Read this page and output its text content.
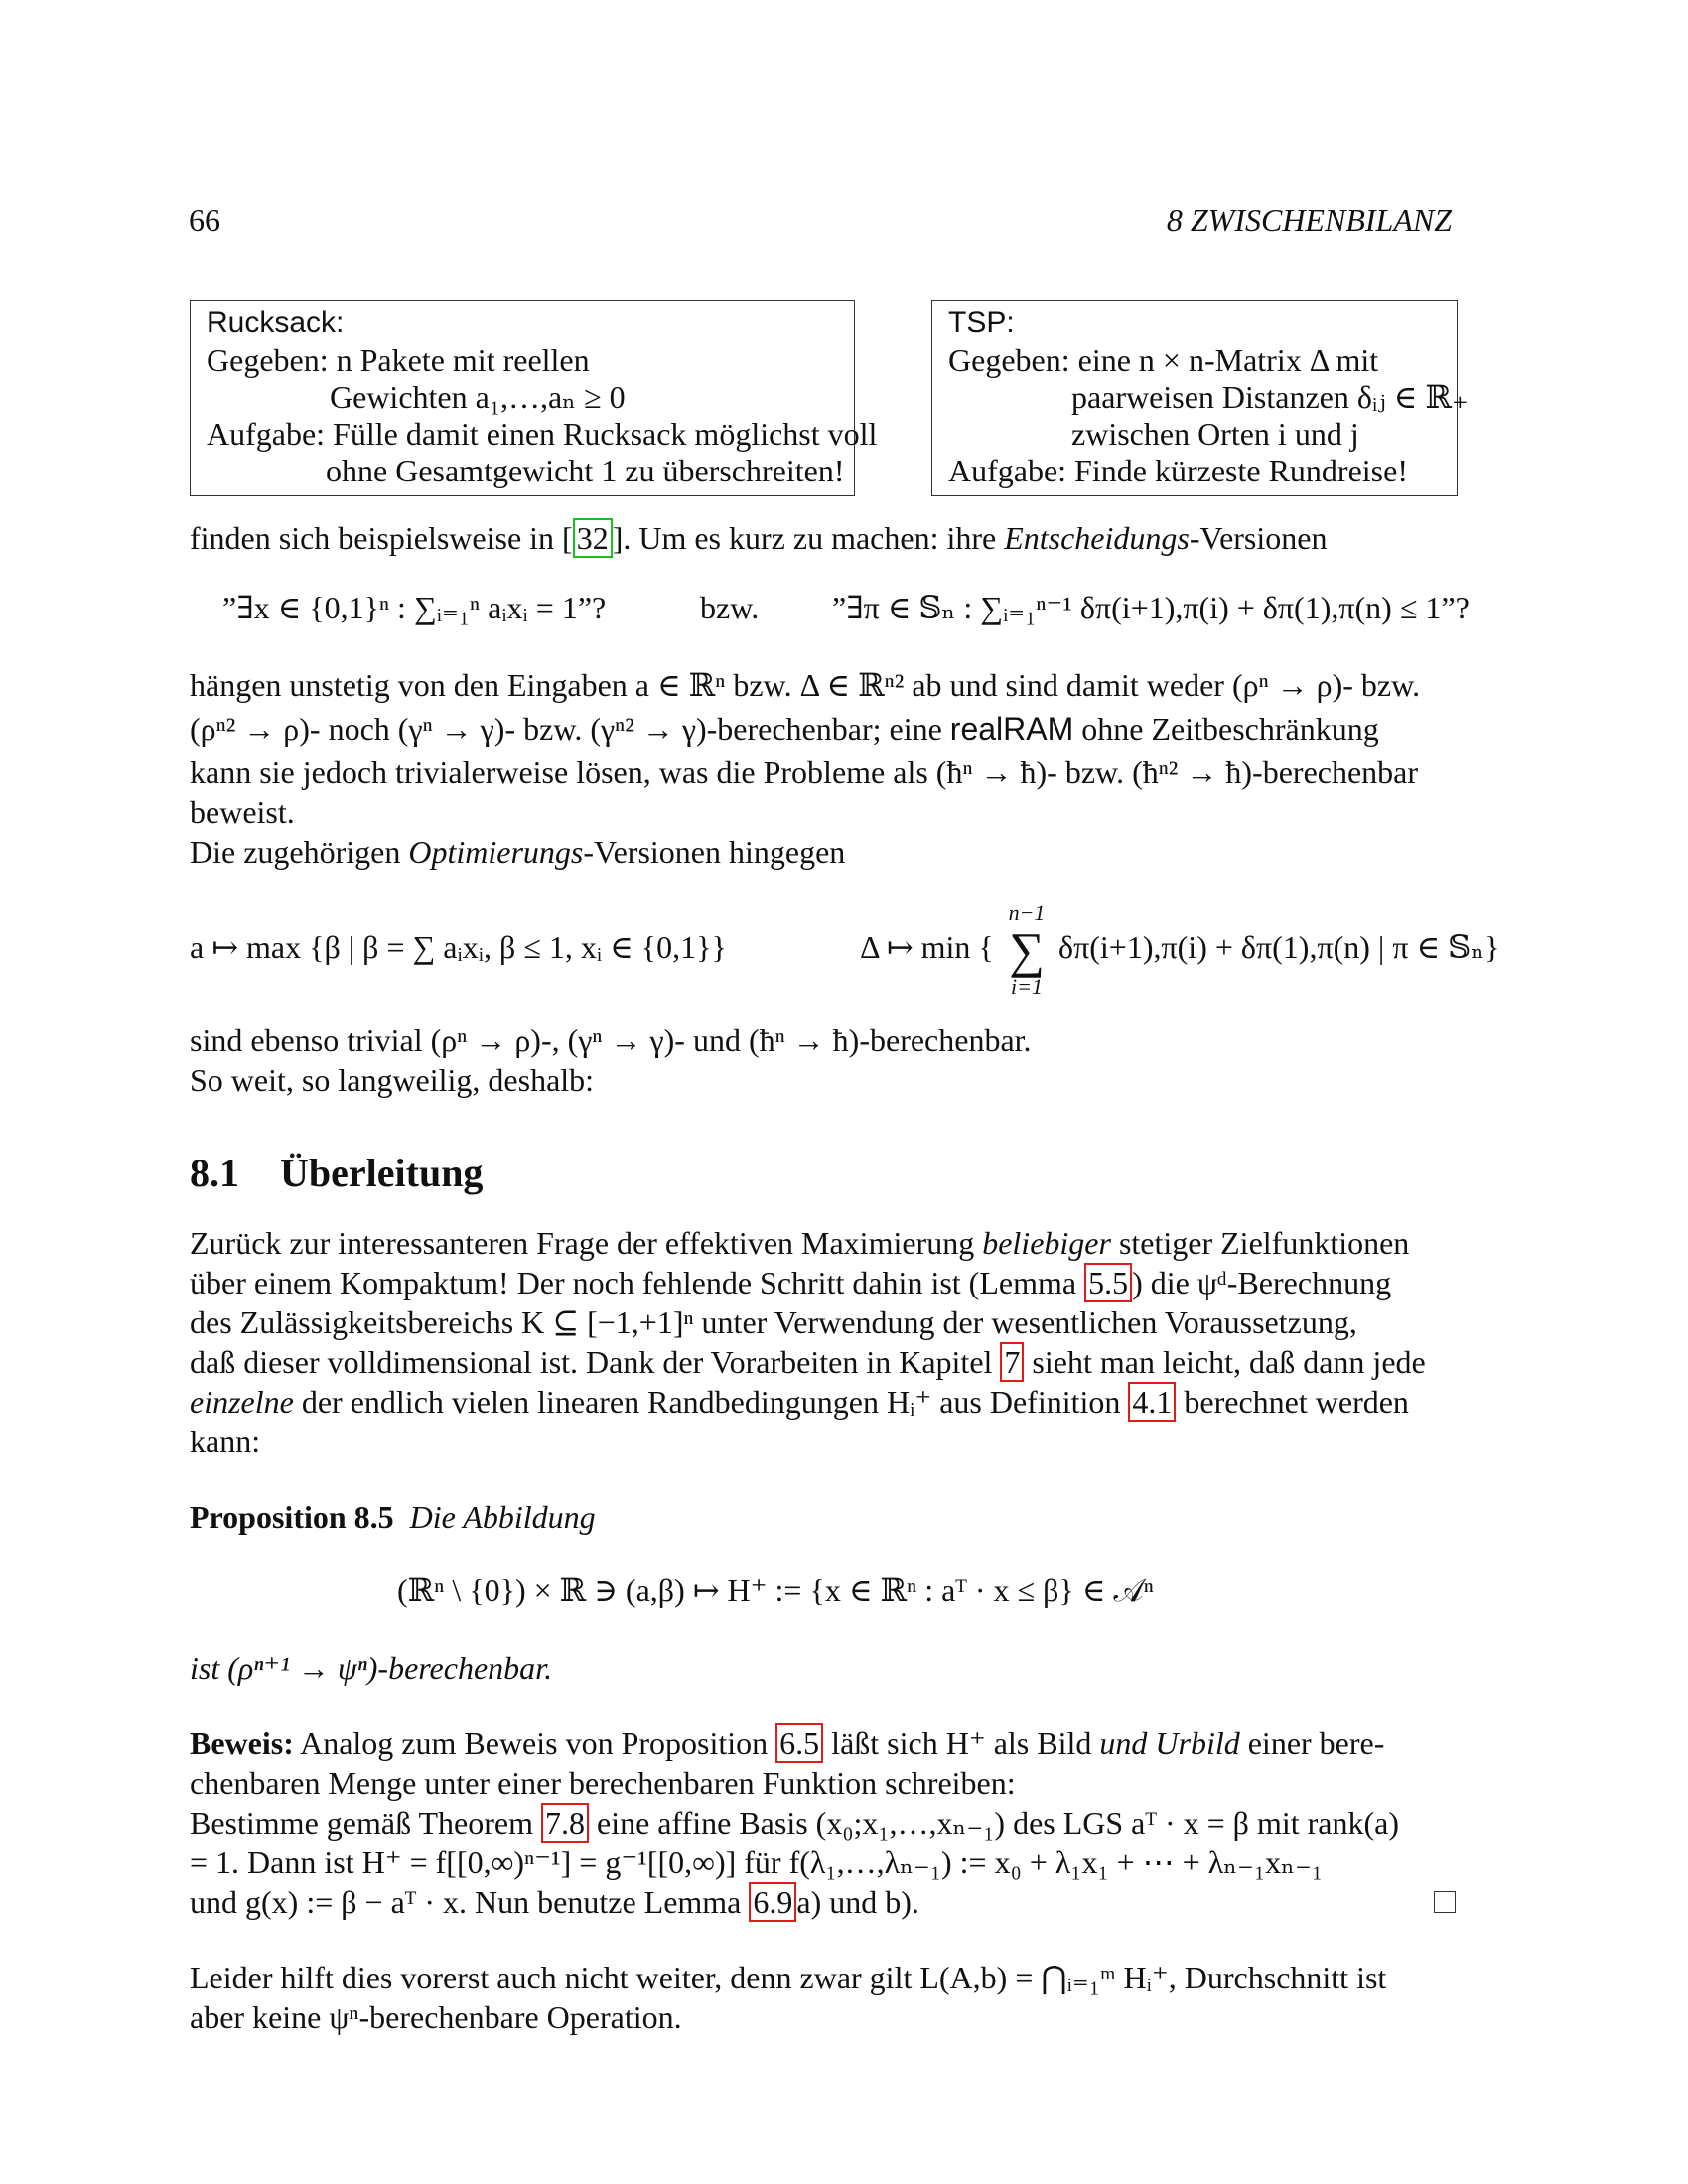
66	8 ZWISCHENBILANZ
Rucksack:
Gegeben: n Pakete mit reellen
Gewichten a₁,…,aₙ ≥ 0
Aufgabe: Fülle damit einen Rucksack möglichst voll
ohne Gesamtgewicht 1 zu überschreiten!
TSP:
Gegeben: eine n × n-Matrix Δ mit
paarweisen Distanzen δᵢⱼ ∈ ℝ₊
zwischen Orten i und j
Aufgabe: Finde kürzeste Rundreise!
finden sich beispielsweise in [ 32 ]. Um es kurz zu machen: ihre Entscheidungs-Versionen
”∃x ∈ {0,1}ⁿ : ∑ᵢ₌₁ⁿ aᵢxᵢ = 1”?	bzw. ”∃π ∈ 𝕊ₙ : ∑ᵢ₌₁ⁿ⁻¹ δπ(i+1),π(i) + δπ(1),π(n) ≤ 1”?
hängen unstetig von den Eingaben a ∈ ℝⁿ bzw. Δ ∈ ℝⁿ² ab und sind damit weder (ρⁿ → ρ)- bzw.
(ρⁿ² → ρ)- noch (γⁿ → γ)- bzw. (γⁿ² → γ)-berechenbar; eine realRAM ohne Zeitbeschränkung
kann sie jedoch trivialerweise lösen, was die Probleme als (ħⁿ → ħ)- bzw. (ħⁿ² → ħ)-berechenbar
beweist.
Die zugehörigen Optimierungs-Versionen hingegen
a ↦ max {β | β = ∑ aᵢxᵢ, β ≤ 1, xᵢ ∈ {0,1}}	Δ ↦ min {
n−1
∑
i=1
δπ(i+1),π(i) + δπ(1),π(n) | π ∈ 𝕊ₙ}
sind ebenso trivial (ρⁿ → ρ)-, (γⁿ → γ)- und (ħⁿ → ħ)-berechenbar.
So weit, so langweilig, deshalb:
8.1 Überleitung
Zurück zur interessanteren Frage der effektiven Maximierung beliebiger stetiger Zielfunktionen
über einem Kompaktum! Der noch fehlende Schritt dahin ist (Lemma 5.5 ) die ψᵈ-Berechnung
des Zulässigkeitsbereichs K ⊆ [−1,+1]ⁿ unter Verwendung der wesentlichen Voraussetzung,
daß dieser volldimensional ist. Dank der Vorarbeiten in Kapitel 7 sieht man leicht, daß dann jede
einzelne der endlich vielen linearen Randbedingungen Hᵢ⁺ aus Definition 4.1 berechnet werden
kann:
Proposition 8.5 Die Abbildung
(ℝⁿ \ {0}) × ℝ ∋ (a,β) ↦ H⁺ := {x ∈ ℝⁿ : aᵀ · x ≤ β} ∈ 𝒜ⁿ
ist (ρⁿ⁺¹ → ψⁿ)-berechenbar.
Beweis: Analog zum Beweis von Proposition 6.5 läßt sich H⁺ als Bild und Urbild einer bere-
chenbaren Menge unter einer berechenbaren Funktion schreiben:
Bestimme gemäß Theorem 7.8 eine affine Basis (x₀;x₁,…,xₙ₋₁) des LGS aᵀ · x = β mit rank(a)
= 1. Dann ist H⁺ = f[[0,∞)ⁿ⁻¹] = g⁻¹[[0,∞)] für f(λ₁,…,λₙ₋₁) := x₀ + λ₁x₁ + ⋯ + λₙ₋₁xₙ₋₁
und g(x) := β − aᵀ · x. Nun benutze Lemma 6.9 a) und b).
Leider hilft dies vorerst auch nicht weiter, denn zwar gilt L(A,b) = ⋂ᵢ₌₁ᵐ Hᵢ⁺, Durchschnitt ist
aber keine ψⁿ-berechenbare Operation.
